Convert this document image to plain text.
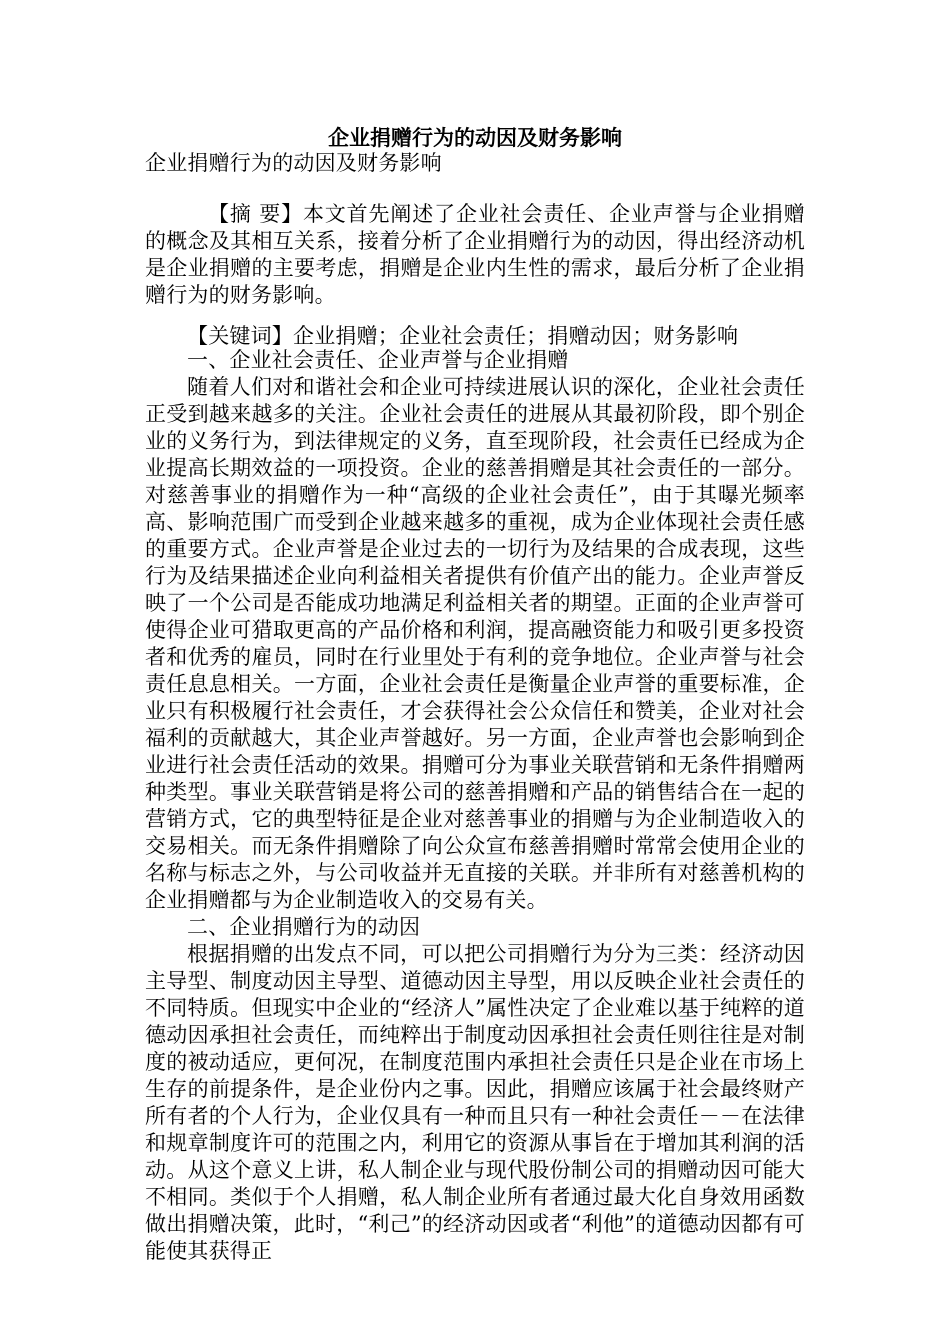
企业捐赠行为的动因及财务影响
企业捐赠行为的动因及财务影响
【摘 要】本文首先阐述了企业社会责任、企业声誉与企业捐赠的概念及其相互关系，接着分析了企业捐赠行为的动因，得出经济动机是企业捐赠的主要考虑，捐赠是企业内生性的需求，最后分析了企业捐赠行为的财务影响。
【关键词】企业捐赠；企业社会责任；捐赠动因；财务影响

一、企业社会责任、企业声誉与企业捐赠

随着人们对和谐社会和企业可持续进展认识的深化，企业社会责任正受到越来越多的关注。企业社会责任的进展从其最初阶段，即个别企业的义务行为，到法律规定的义务，直至现阶段，社会责任已经成为企业提高长期效益的一项投资。企业的慈善捐赠是其社会责任的一部分。对慈善事业的捐赠作为一种“高级的企业社会责任”，由于其曝光频率高、影响范围广而受到企业越来越多的重视，成为企业体现社会责任感的重要方式。企业声誉是企业过去的一切行为及结果的合成表现，这些行为及结果描述企业向利益相关者提供有价值产出的能力。企业声誉反映了一个公司是否能成功地满足利益相关者的期望。正面的企业声誉可使得企业可猎取更高的产品价格和利润，提高融资能力和吸引更多投资者和优秀的雇员，同时在行业里处于有利的竞争地位。企业声誉与社会责任息息相关。一方面，企业社会责任是衡量企业声誉的重要标准，企业只有积极履行社会责任，才会获得社会公众信任和赞美，企业对社会福利的贡献越大，其企业声誉越好。另一方面，企业声誉也会影响到企业进行社会责任活动的效果。捐赠可分为事业关联营销和无条件捐赠两种类型。事业关联营销是将公司的慈善捐赠和产品的销售结合在一起的营销方式，它的典型特征是企业对慈善事业的捐赠与为企业制造收入的交易相关。而无条件捐赠除了向公众宣布慈善捐赠时常常会使用企业的名称与标志之外，与公司收益并无直接的关联。并非所有对慈善机构的企业捐赠都与为企业制造收入的交易有关。

二、企业捐赠行为的动因

根据捐赠的出发点不同，可以把公司捐赠行为分为三类：经济动因主导型、制度动因主导型、道德动因主导型，用以反映企业社会责任的不同特质。但现实中企业的“经济人”属性决定了企业难以基于纯粹的道德动因承担社会责任，而纯粹出于制度动因承担社会责任则往往是对制度的被动适应，更何况，在制度范围内承担社会责任只是企业在市场上生存的前提条件，是企业份内之事。因此，捐赠应该属于社会最终财产所有者的个人行为，企业仅具有一种而且只有一种社会责任－－在法律和规章制度许可的范围之内，利用它的资源从事旨在于增加其利润的活动。从这个意义上讲，私人制企业与现代股份制公司的捐赠动因可能大不相同。类似于个人捐赠，私人制企业所有者通过最大化自身效用函数做出捐赠决策，此时，“利己”的经济动因或者“利他”的道德动因都有可能使其获得正
